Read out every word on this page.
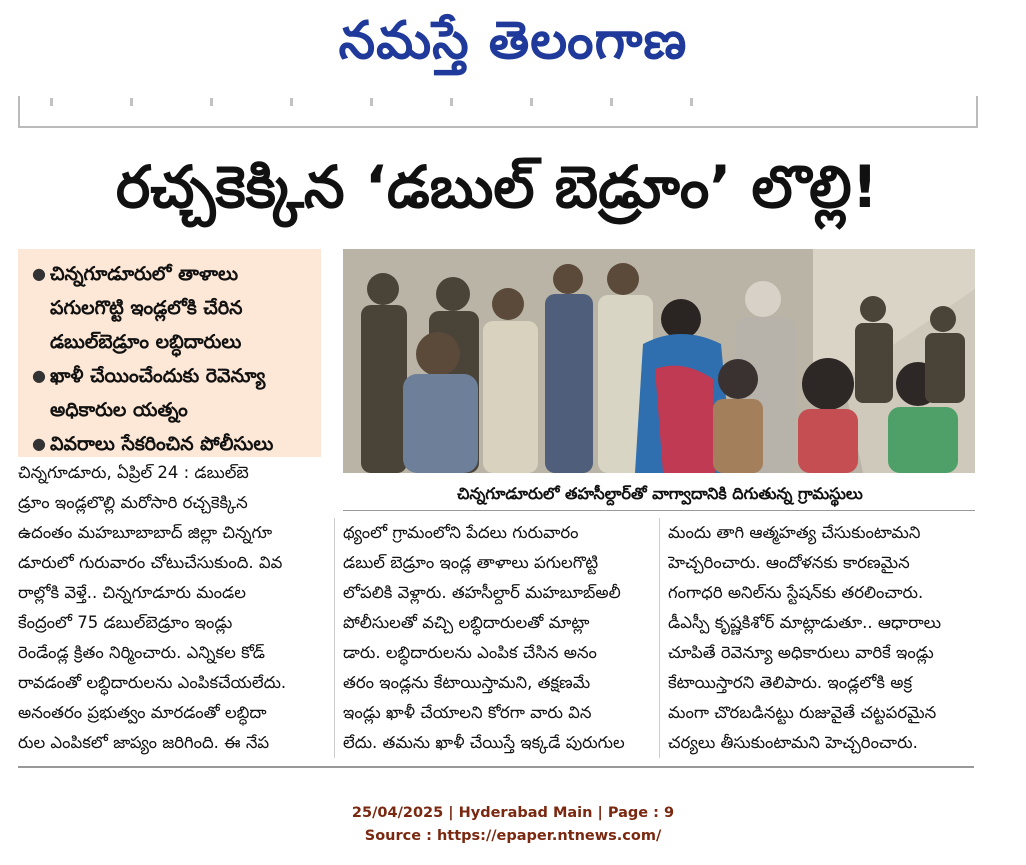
నమస్తే తెలంగాణ
రచ్చకెక్కిన ‘డబుల్ బెడ్రూం’ లొల్లి!
● చిన్నగూడూరులో తాళాలు పగులగొట్టి ఇండ్లలోకి చేరిన డబుల్‌బెడ్రూం లబ్ధిదారులు
● ఖాళీ చేయించేందుకు రెవెన్యూ అధికారుల యత్నం
● వివరాలు సేకరించిన పోలీసులు
చిన్నగూడూరులో తహసీల్దార్‌తో వాగ్వాదానికి దిగుతున్న గ్రామస్థులు
చిన్నగూడూరు, ఏప్రిల్ 24 : డబుల్‌బె
డ్రూం ఇండ్లలొల్లి మరోసారి రచ్చకెక్కిన
ఉదంతం మహబూబాబాద్ జిల్లా చిన్నగూ
డూరులో గురువారం చోటుచేసుకుంది. వివ
రాల్లోకి వెళ్తే.. చిన్నగూడూరు మండల
కేంద్రంలో 75 డబుల్‌బెడ్రూం ఇండ్లు
రెండేండ్ల క్రితం నిర్మించారు. ఎన్నికల కోడ్
రావడంతో లబ్ధిదారులను ఎంపికచేయలేదు.
అనంతరం ప్రభుత్వం మారడంతో లబ్ధిదా
రుల ఎంపికలో జాప్యం జరిగింది. ఈ నేప
థ్యంలో గ్రామంలోని పేదలు గురువారం
డబుల్ బెడ్రూం ఇండ్ల తాళాలు పగులగొట్టి
లోపలికి వెళ్లారు. తహసీల్దార్ మహబూబ్‌అలీ
పోలీసులతో వచ్చి లబ్ధిదారులతో మాట్లా
డారు. లబ్ధిదారులను ఎంపిక చేసిన అనం
తరం ఇండ్లను కేటాయిస్తామని, తక్షణమే
ఇండ్లు ఖాళీ చేయాలని కోరగా వారు విన
లేదు. తమను ఖాళీ చేయిస్తే ఇక్కడే పురుగుల
మందు తాగి ఆత్మహత్య చేసుకుంటామని
హెచ్చరించారు. ఆందోళనకు కారణమైన
గంగాధరి అనిల్‌ను స్టేషన్‌కు తరలించారు.
డీఎస్పీ కృష్ణకిశోర్ మాట్లాడుతూ.. ఆధారాలు
చూపితే రెవెన్యూ అధికారులు వారికే ఇండ్లు
కేటాయిస్తారని తెలిపారు. ఇండ్లలోకి అక్ర
మంగా చొరబడినట్టు రుజువైతే చట్టపరమైన
చర్యలు తీసుకుంటామని హెచ్చరించారు.
25/04/2025 | Hyderabad Main | Page : 9
Source : https://epaper.ntnews.com/
